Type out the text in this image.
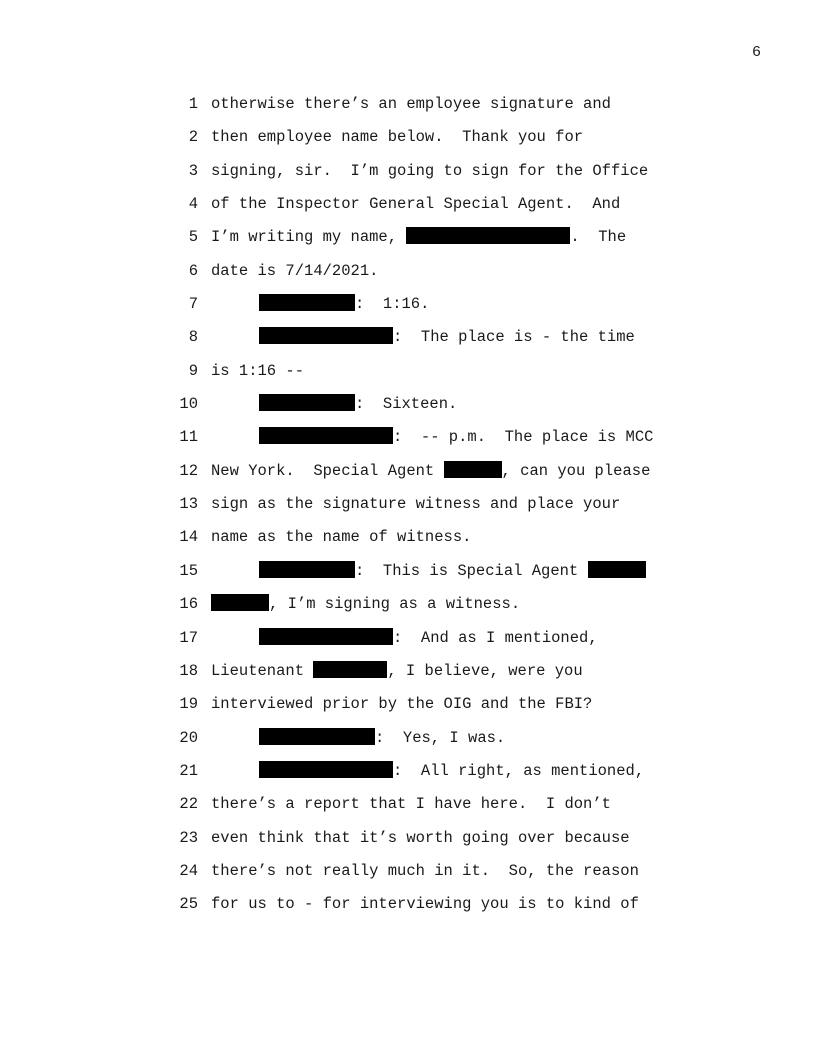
6
1 otherwise there’s an employee signature and
2 then employee name below.  Thank you for
3 signing, sir.  I’m going to sign for the Office
4 of the Inspector General Special Agent.  And
5 I’m writing my name,	.  The
6 date is 7/14/2021.
7	:  1:16.
8	:  The place is - the time
9 is 1:16 --
10	:  Sixteen.
11	:  -- p.m.  The place is MCC
12 New York.  Special Agent	, can you please
13 sign as the signature witness and place your
14 name as the name of witness.
15	:  This is Special Agent
16	, I’m signing as a witness.
17	:  And as I mentioned,
18 Lieutenant	, I believe, were you
19 interviewed prior by the OIG and the FBI?
20	:  Yes, I was.
21	:  All right, as mentioned,
22 there’s a report that I have here.  I don’t
23 even think that it’s worth going over because
24 there’s not really much in it.  So, the reason
25 for us to - for interviewing you is to kind of
